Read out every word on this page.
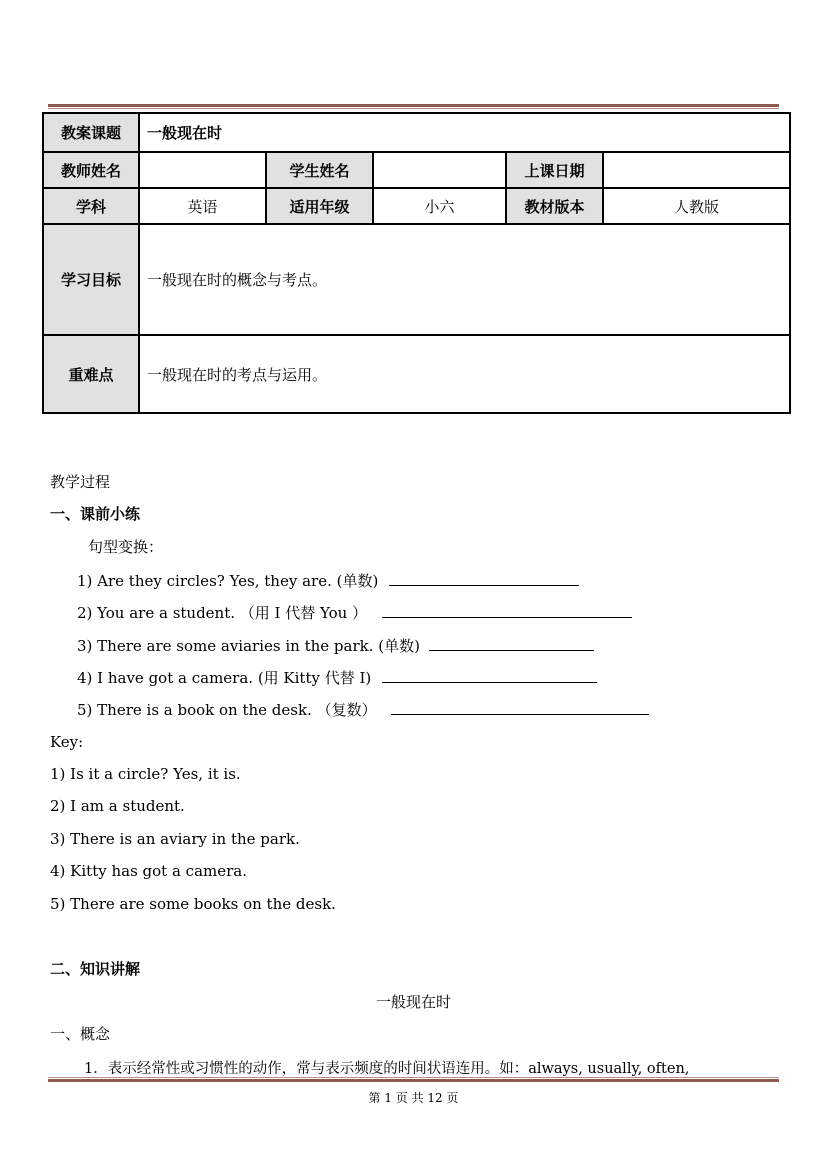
教案课题	一般现在时				
教师姓名		学生姓名		上课日期	
学科	英语	适用年级	小六	教材版本	人教版
学习目标	一般现在时的概念与考点。				
重难点	一般现在时的考点与运用。				
教学过程
一、课前小练
句型变换：
1) Are they circles? Yes, they are. (单数)
2) You are a student. （用 I 代替 You ）
3) There are some aviaries in the park. (单数)
4) I have got a camera. (用 Kitty 代替 I)
5) There is a book on the desk. （复数）
Key:
1) Is it a circle? Yes, it is.
2) I am a student.
3) There is an aviary in the park.
4) Kitty has got a camera.
5) There are some books on the desk.
二、知识讲解
一般现在时
一、概念
1．表示经常性或习惯性的动作，常与表示频度的时间状语连用。如：always, usually, often,
第 1 页 共 12 页
